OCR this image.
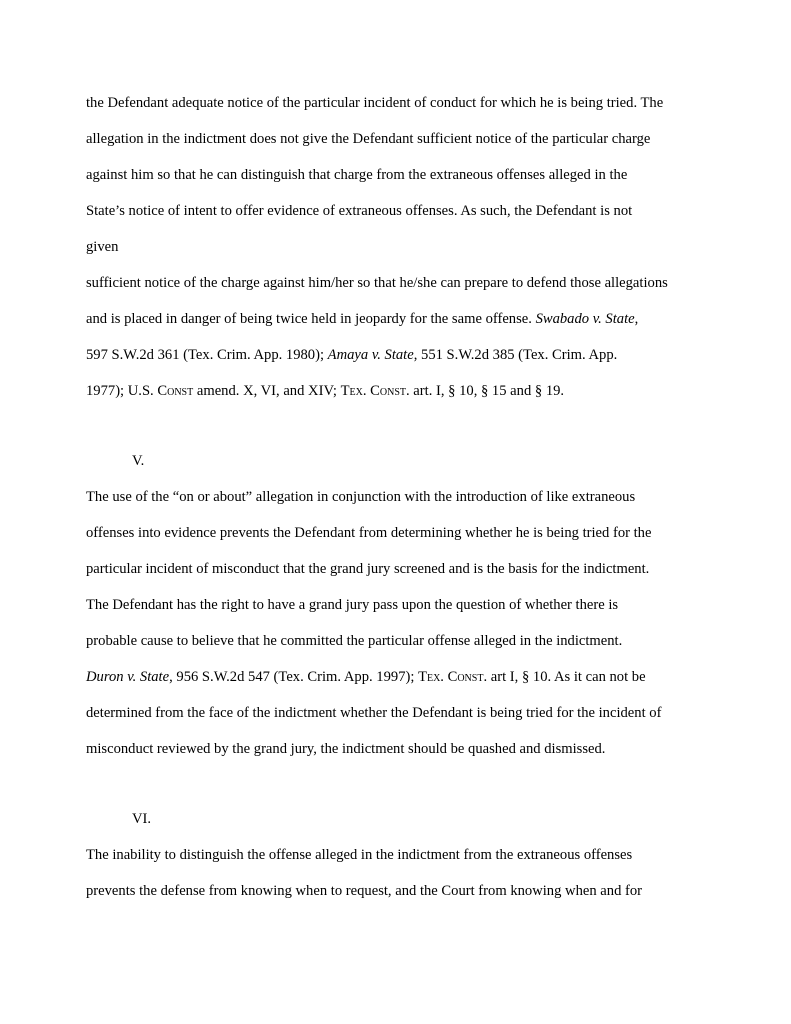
the Defendant adequate notice of the particular incident of conduct for which he is being tried. The
allegation in the indictment does not give the Defendant sufficient notice of the particular charge
against him so that he can distinguish that charge from the extraneous offenses alleged in the
State’s notice of intent to offer evidence of extraneous offenses. As such, the Defendant is not
given
sufficient notice of the charge against him/her so that he/she can prepare to defend those allegations
and is placed in danger of being twice held in jeopardy for the same offense. Swabado v. State,
597 S.W.2d 361 (Tex. Crim. App. 1980); Amaya v. State, 551 S.W.2d 385 (Tex. Crim. App.
1977); U.S. Const amend. X, VI, and XIV; Tex. Const. art. I, § 10, § 15 and § 19.
V.
The use of the “on or about” allegation in conjunction with the introduction of like extraneous
offenses into evidence prevents the Defendant from determining whether he is being tried for the
particular incident of misconduct that the grand jury screened and is the basis for the indictment.
The Defendant has the right to have a grand jury pass upon the question of whether there is
probable cause to believe that he committed the particular offense alleged in the indictment.
Duron v. State, 956 S.W.2d 547 (Tex. Crim. App. 1997); Tex. Const. art I, § 10. As it can not be
determined from the face of the indictment whether the Defendant is being tried for the incident of
misconduct reviewed by the grand jury, the indictment should be quashed and dismissed.
VI.
The inability to distinguish the offense alleged in the indictment from the extraneous offenses
prevents the defense from knowing when to request, and the Court from knowing when and for
